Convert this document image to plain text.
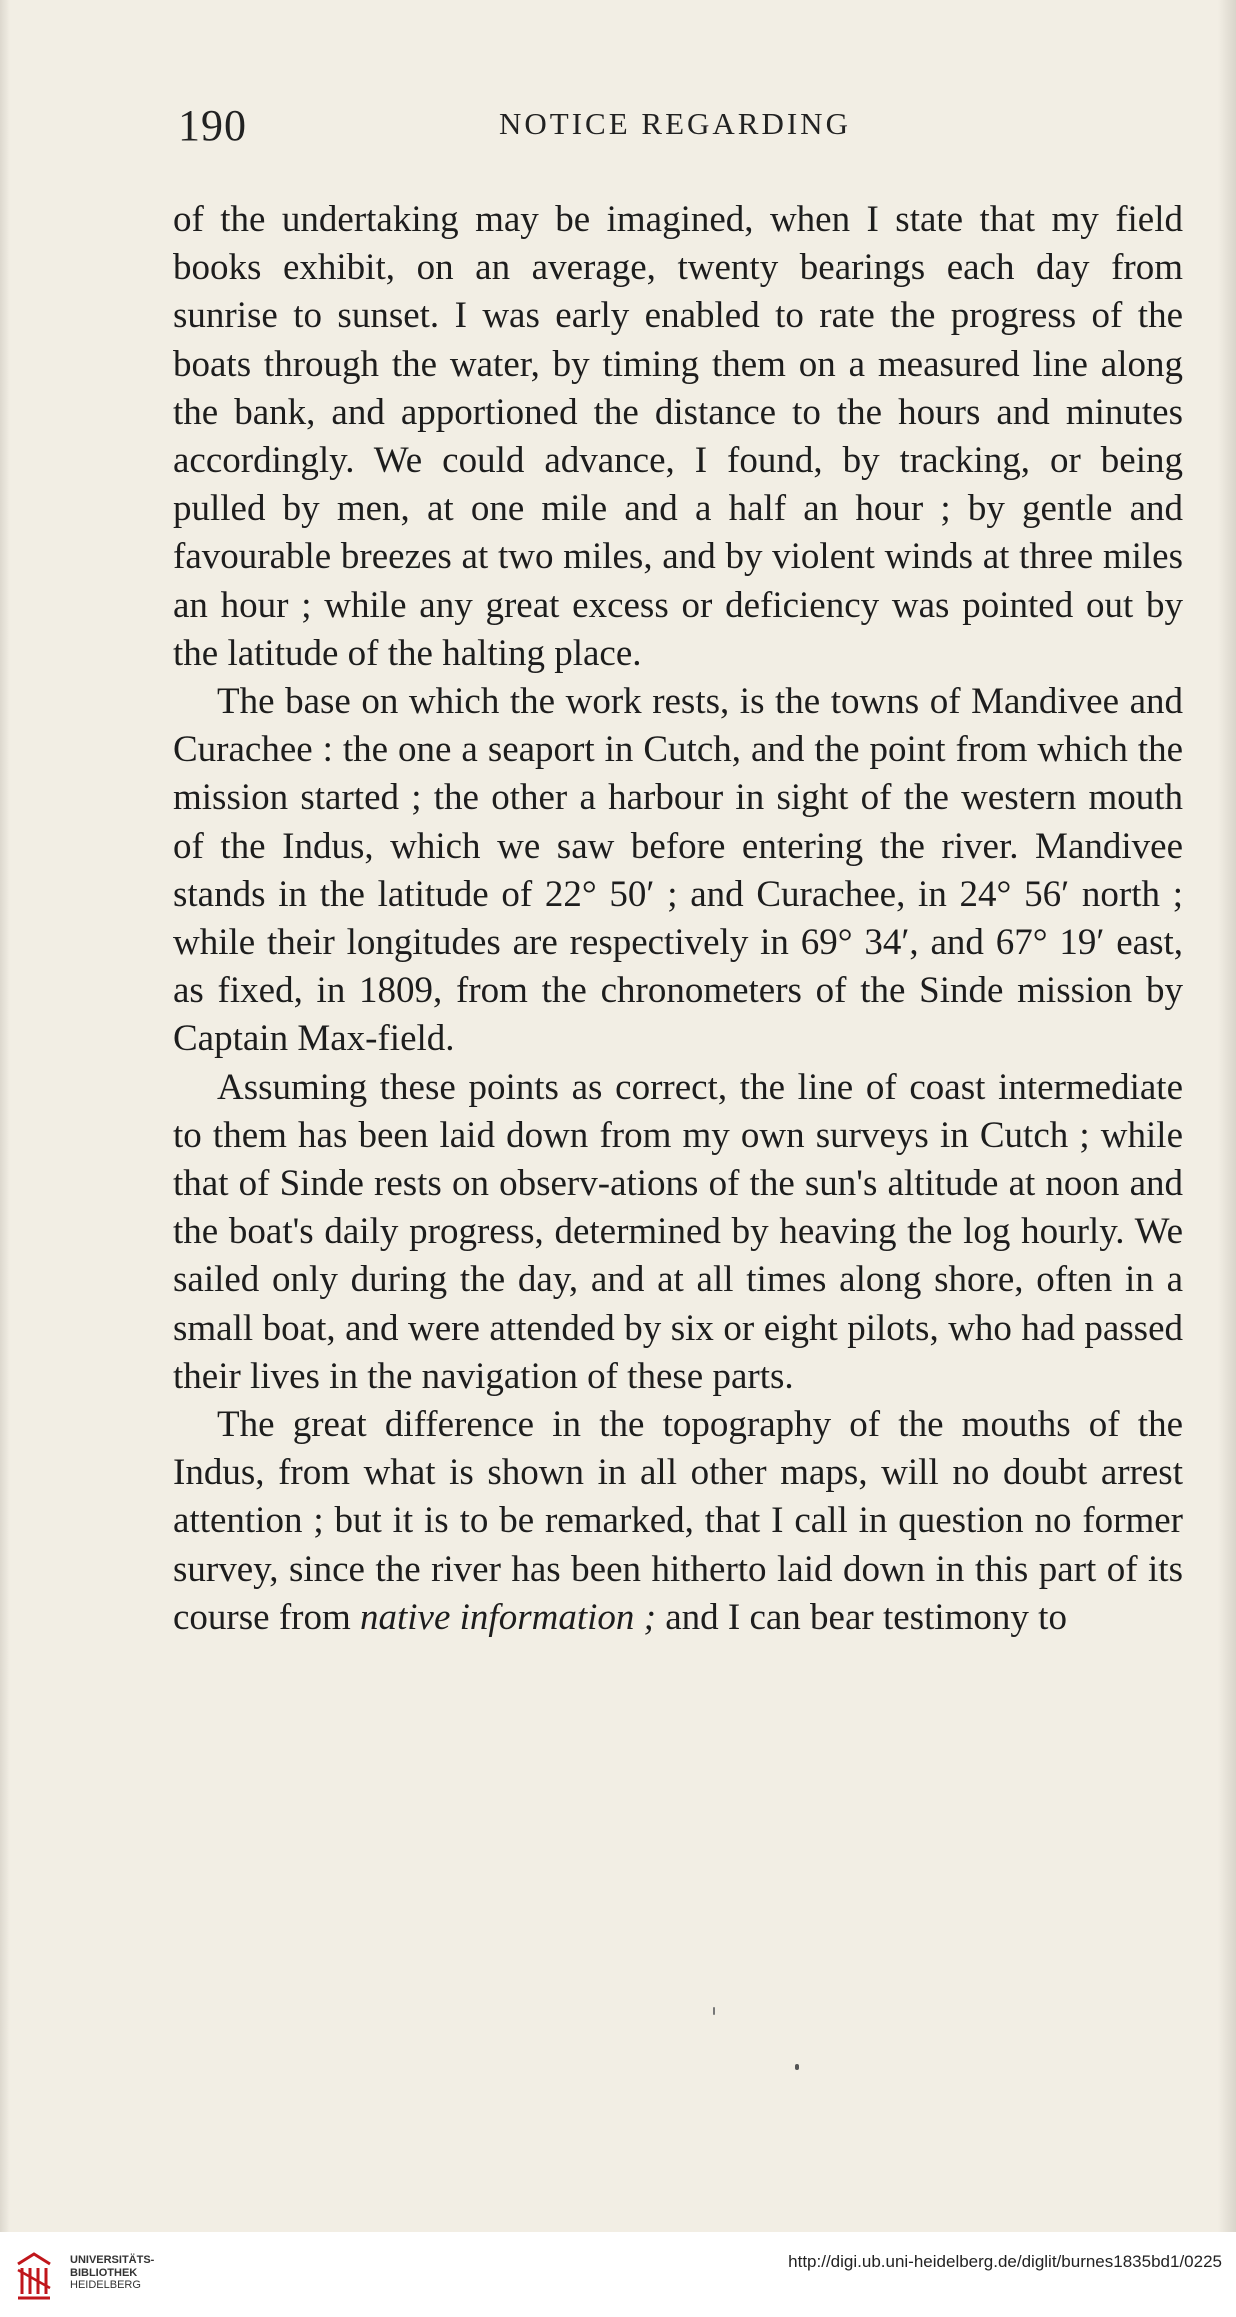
190	NOTICE REGARDING

of the undertaking may be imagined, when I state that my field books exhibit, on an average, twenty bearings each day from sunrise to sunset. I was early enabled to rate the progress of the boats through the water, by timing them on a measured line along the bank, and apportioned the distance to the hours and minutes accordingly. We could advance, I found, by tracking, or being pulled by men, at one mile and a half an hour ; by gentle and favourable breezes at two miles, and by violent winds at three miles an hour ; while any great excess or deficiency was pointed out by the latitude of the halting place.

The base on which the work rests, is the towns of Mandivee and Curachee : the one a seaport in Cutch, and the point from which the mission started ; the other a harbour in sight of the western mouth of the Indus, which we saw before entering the river. Mandivee stands in the latitude of 22° 50′ ; and Curachee, in 24° 56′ north ; while their longitudes are respectively in 69° 34′, and 67° 19′ east, as fixed, in 1809, from the chronometers of the Sinde mission by Captain Max-field.

Assuming these points as correct, the line of coast intermediate to them has been laid down from my own surveys in Cutch ; while that of Sinde rests on observ-ations of the sun's altitude at noon and the boat's daily progress, determined by heaving the log hourly. We sailed only during the day, and at all times along shore, often in a small boat, and were attended by six or eight pilots, who had passed their lives in the navigation of these parts.

The great difference in the topography of the mouths of the Indus, from what is shown in all other maps, will no doubt arrest attention ; but it is to be remarked, that I call in question no former survey, since the river has been hitherto laid down in this part of its course from native information ; and I can bear testimony to

UNIVERSITÄTS-
BIBLIOTHEK
HEIDELBERG
http://digi.ub.uni-heidelberg.de/diglit/burnes1835bd1/0225
